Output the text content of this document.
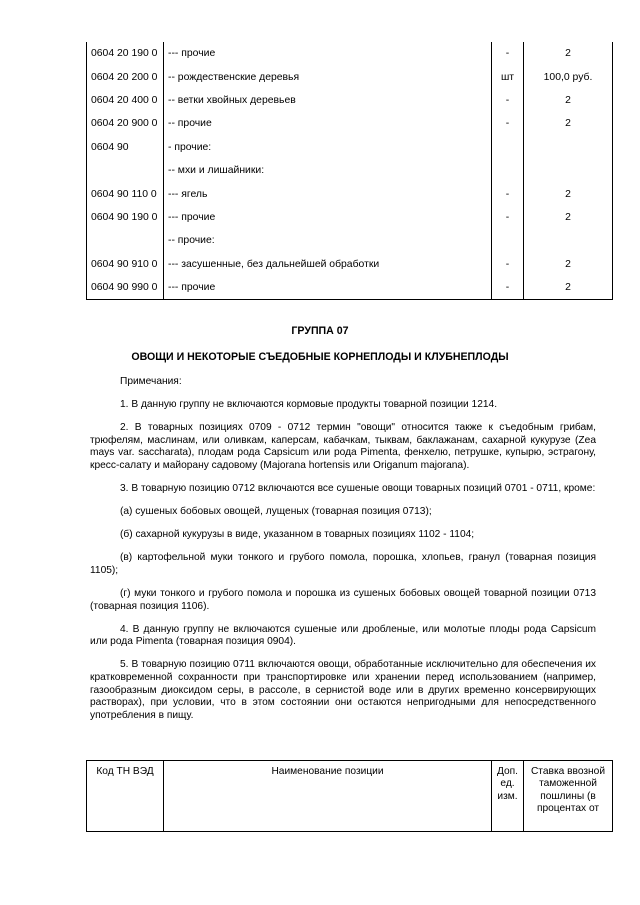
0604 20 190 0	--- прочие	-	2
0604 20 200 0	-- рождественские деревья	шт	100,0 руб.
0604 20 400 0	-- ветки хвойных деревьев	-	2
0604 20 900 0	-- прочие	-	2
0604 90	- прочие:		
	-- мхи и лишайники:		
0604 90 110 0	--- ягель	-	2
0604 90 190 0	--- прочие	-	2
	-- прочие:		
0604 90 910 0	--- засушенные, без дальнейшей обработки	-	2
0604 90 990 0	--- прочие	-	2
ГРУППА 07
ОВОЩИ И НЕКОТОРЫЕ СЪЕДОБНЫЕ КОРНЕПЛОДЫ И КЛУБНЕПЛОДЫ

Примечания:

1. В данную группу не включаются кормовые продукты товарной позиции 1214.

2. В товарных позициях 0709 - 0712 термин "овощи" относится также к съедобным грибам, трюфелям, маслинам, или оливкам, каперсам, кабачкам, тыквам, баклажанам, сахарной кукурузе (Zea mays var. saccharata), плодам рода Capsicum или рода Pimenta, фенхелю, петрушке, купырю, эстрагону, кресс-салату и майорану садовому (Majorana hortensis или Origanum majorana).

3. В товарную позицию 0712 включаются все сушеные овощи товарных позиций 0701 - 0711, кроме:

(а) сушеных бобовых овощей, лущеных (товарная позиция 0713);

(б) сахарной кукурузы в виде, указанном в товарных позициях 1102 - 1104;

(в) картофельной муки тонкого и грубого помола, порошка, хлопьев, гранул (товарная позиция 1105);

(г) муки тонкого и грубого помола и порошка из сушеных бобовых овощей товарной позиции 0713 (товарная позиция 1106).

4. В данную группу не включаются сушеные или дробленые, или молотые плоды рода Capsicum или рода Pimenta (товарная позиция 0904).

5. В товарную позицию 0711 включаются овощи, обработанные исключительно для обеспечения их кратковременной сохранности при транспортировке или хранении перед использованием (например, газообразным диоксидом серы, в рассоле, в сернистой воде или в других временно консервирующих растворах), при условии, что в этом состоянии они остаются непригодными для непосредственного употребления в пищу.

Код ТН ВЭД	Наименование позиции	Доп. ед. изм.	Ставка ввозной таможенной пошлины (в процентах от
